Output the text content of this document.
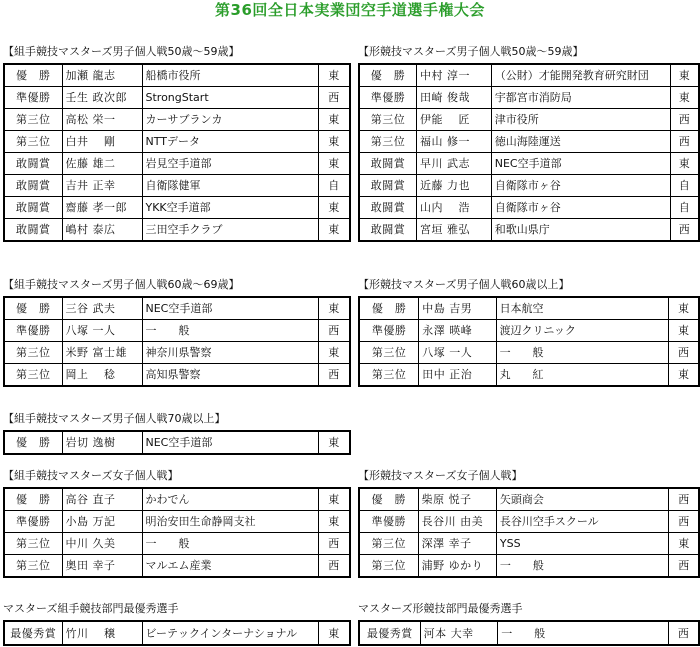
第36回全日本実業団空手道選手権大会
【組手競技マスターズ男子個人戦50歳～59歳】
優　勝	加瀬 龍志	船橋市役所	東
準優勝	壬生 政次郎	StrongStart	西
第三位	高松 栄一	カーサブランカ	東
第三位	白井　 剛	NTTデータ	東
敢闘賞	佐藤 雄二	岩見空手道部	東
敢闘賞	吉井 正幸	自衛隊健軍	自
敢闘賞	齋藤 孝一郎	YKK空手道部	東
敢闘賞	嶋村 泰広	三田空手クラブ	東
【組手競技マスターズ男子個人戦60歳～69歳】
優　勝	三谷 武夫	NEC空手道部	東
準優勝	八塚 一人	一　　般	西
第三位	米野 富士雄	神奈川県警察	東
第三位	岡上　 稔	高知県警察	西
【組手競技マスターズ男子個人戦70歳以上】
優　勝	岩切 逸樹	NEC空手道部	東
【組手競技マスターズ女子個人戦】
優　勝	高谷 直子	かわでん	東
準優勝	小島 万記	明治安田生命静岡支社	東
第三位	中川 久美	一　　般	西
第三位	奥田 幸子	マルエム産業	西
マスターズ組手競技部門最優秀選手
最優秀賞	竹川　 穣	ビーテックインターナショナル	東
【形競技マスターズ男子個人戦50歳～59歳】
優　勝	中村 淳一	（公財）才能開発教育研究財団	東
準優勝	田崎 俊哉	宇都宮市消防局	東
第三位	伊能　 匠	津市役所	西
第三位	福山 修一	徳山海陸運送	西
敢闘賞	早川 武志	NEC空手道部	東
敢闘賞	近藤 力也	自衛隊市ヶ谷	自
敢闘賞	山内　 浩	自衛隊市ヶ谷	自
敢闘賞	宮垣 雅弘	和歌山県庁	西
【形競技マスターズ男子個人戦60歳以上】
優　勝	中島 吉男	日本航空	東
準優勝	永澤 暎峰	渡辺クリニック	東
第三位	八塚 一人	一　　般	西
第三位	田中 正治	丸　　紅	東
【形競技マスターズ女子個人戦】
優　勝	柴原 悦子	矢頭商会	西
準優勝	長谷川 由美	長谷川空手スクール	西
第三位	深澤 幸子	YSS	東
第三位	浦野 ゆかり	一　　般	西
マスターズ形競技部門最優秀選手
最優秀賞	河本 大幸	一　　般	西
